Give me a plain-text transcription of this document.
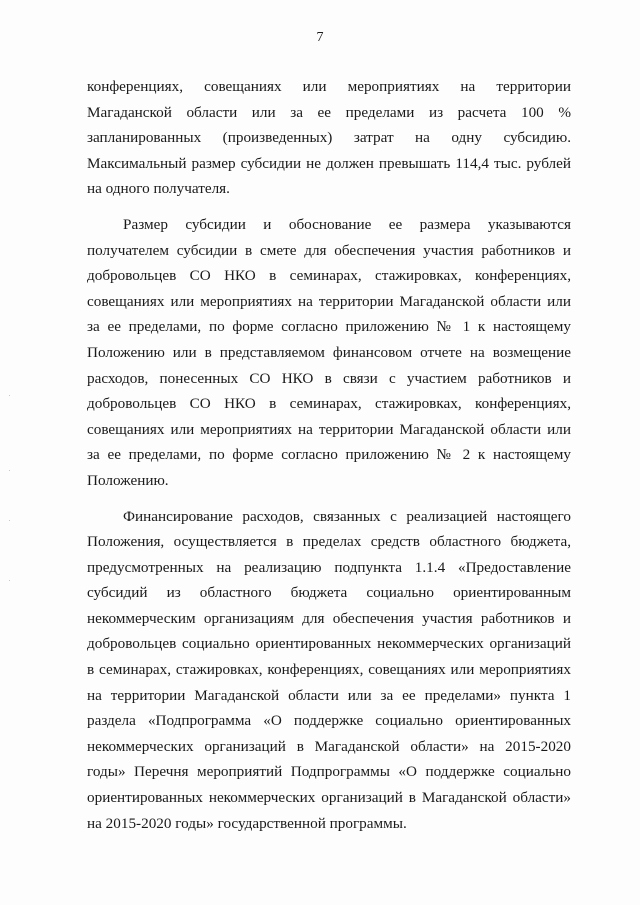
7

конференциях, совещаниях или мероприятиях на территории Магаданской области или за ее пределами из расчета 100 % запланированных (произведенных) затрат на одну субсидию. Максимальный размер субсидии не должен превышать 114,4 тыс. рублей на одного получателя.

Размер субсидии и обоснование ее размера указываются получателем субсидии в смете для обеспечения участия работников и добровольцев СО НКО в семинарах, стажировках, конференциях, совещаниях или мероприятиях на территории Магаданской области или за ее пределами, по форме согласно приложению № 1 к настоящему Положению или в представляемом финансовом отчете на возмещение расходов, понесенных СО НКО в связи с участием работников и добровольцев СО НКО в семинарах, стажировках, конференциях, совещаниях или мероприятиях на территории Магаданской области или за ее пределами, по форме согласно приложению № 2 к настоящему Положению.

Финансирование расходов, связанных с реализацией настоящего Положения, осуществляется в пределах средств областного бюджета, предусмотренных на реализацию подпункта 1.1.4 «Предоставление субсидий из областного бюджета социально ориентированным некоммерческим организациям для обеспечения участия работников и добровольцев социально ориентированных некоммерческих организаций в семинарах, стажировках, конференциях, совещаниях или мероприятиях на территории Магаданской области или за ее пределами» пункта 1 раздела «Подпрограмма «О поддержке социально ориентированных некоммерческих организаций в Магаданской области» на 2015-2020 годы» Перечня мероприятий Подпрограммы «О поддержке социально ориентированных некоммерческих организаций в Магаданской области» на 2015-2020 годы» государственной программы.
